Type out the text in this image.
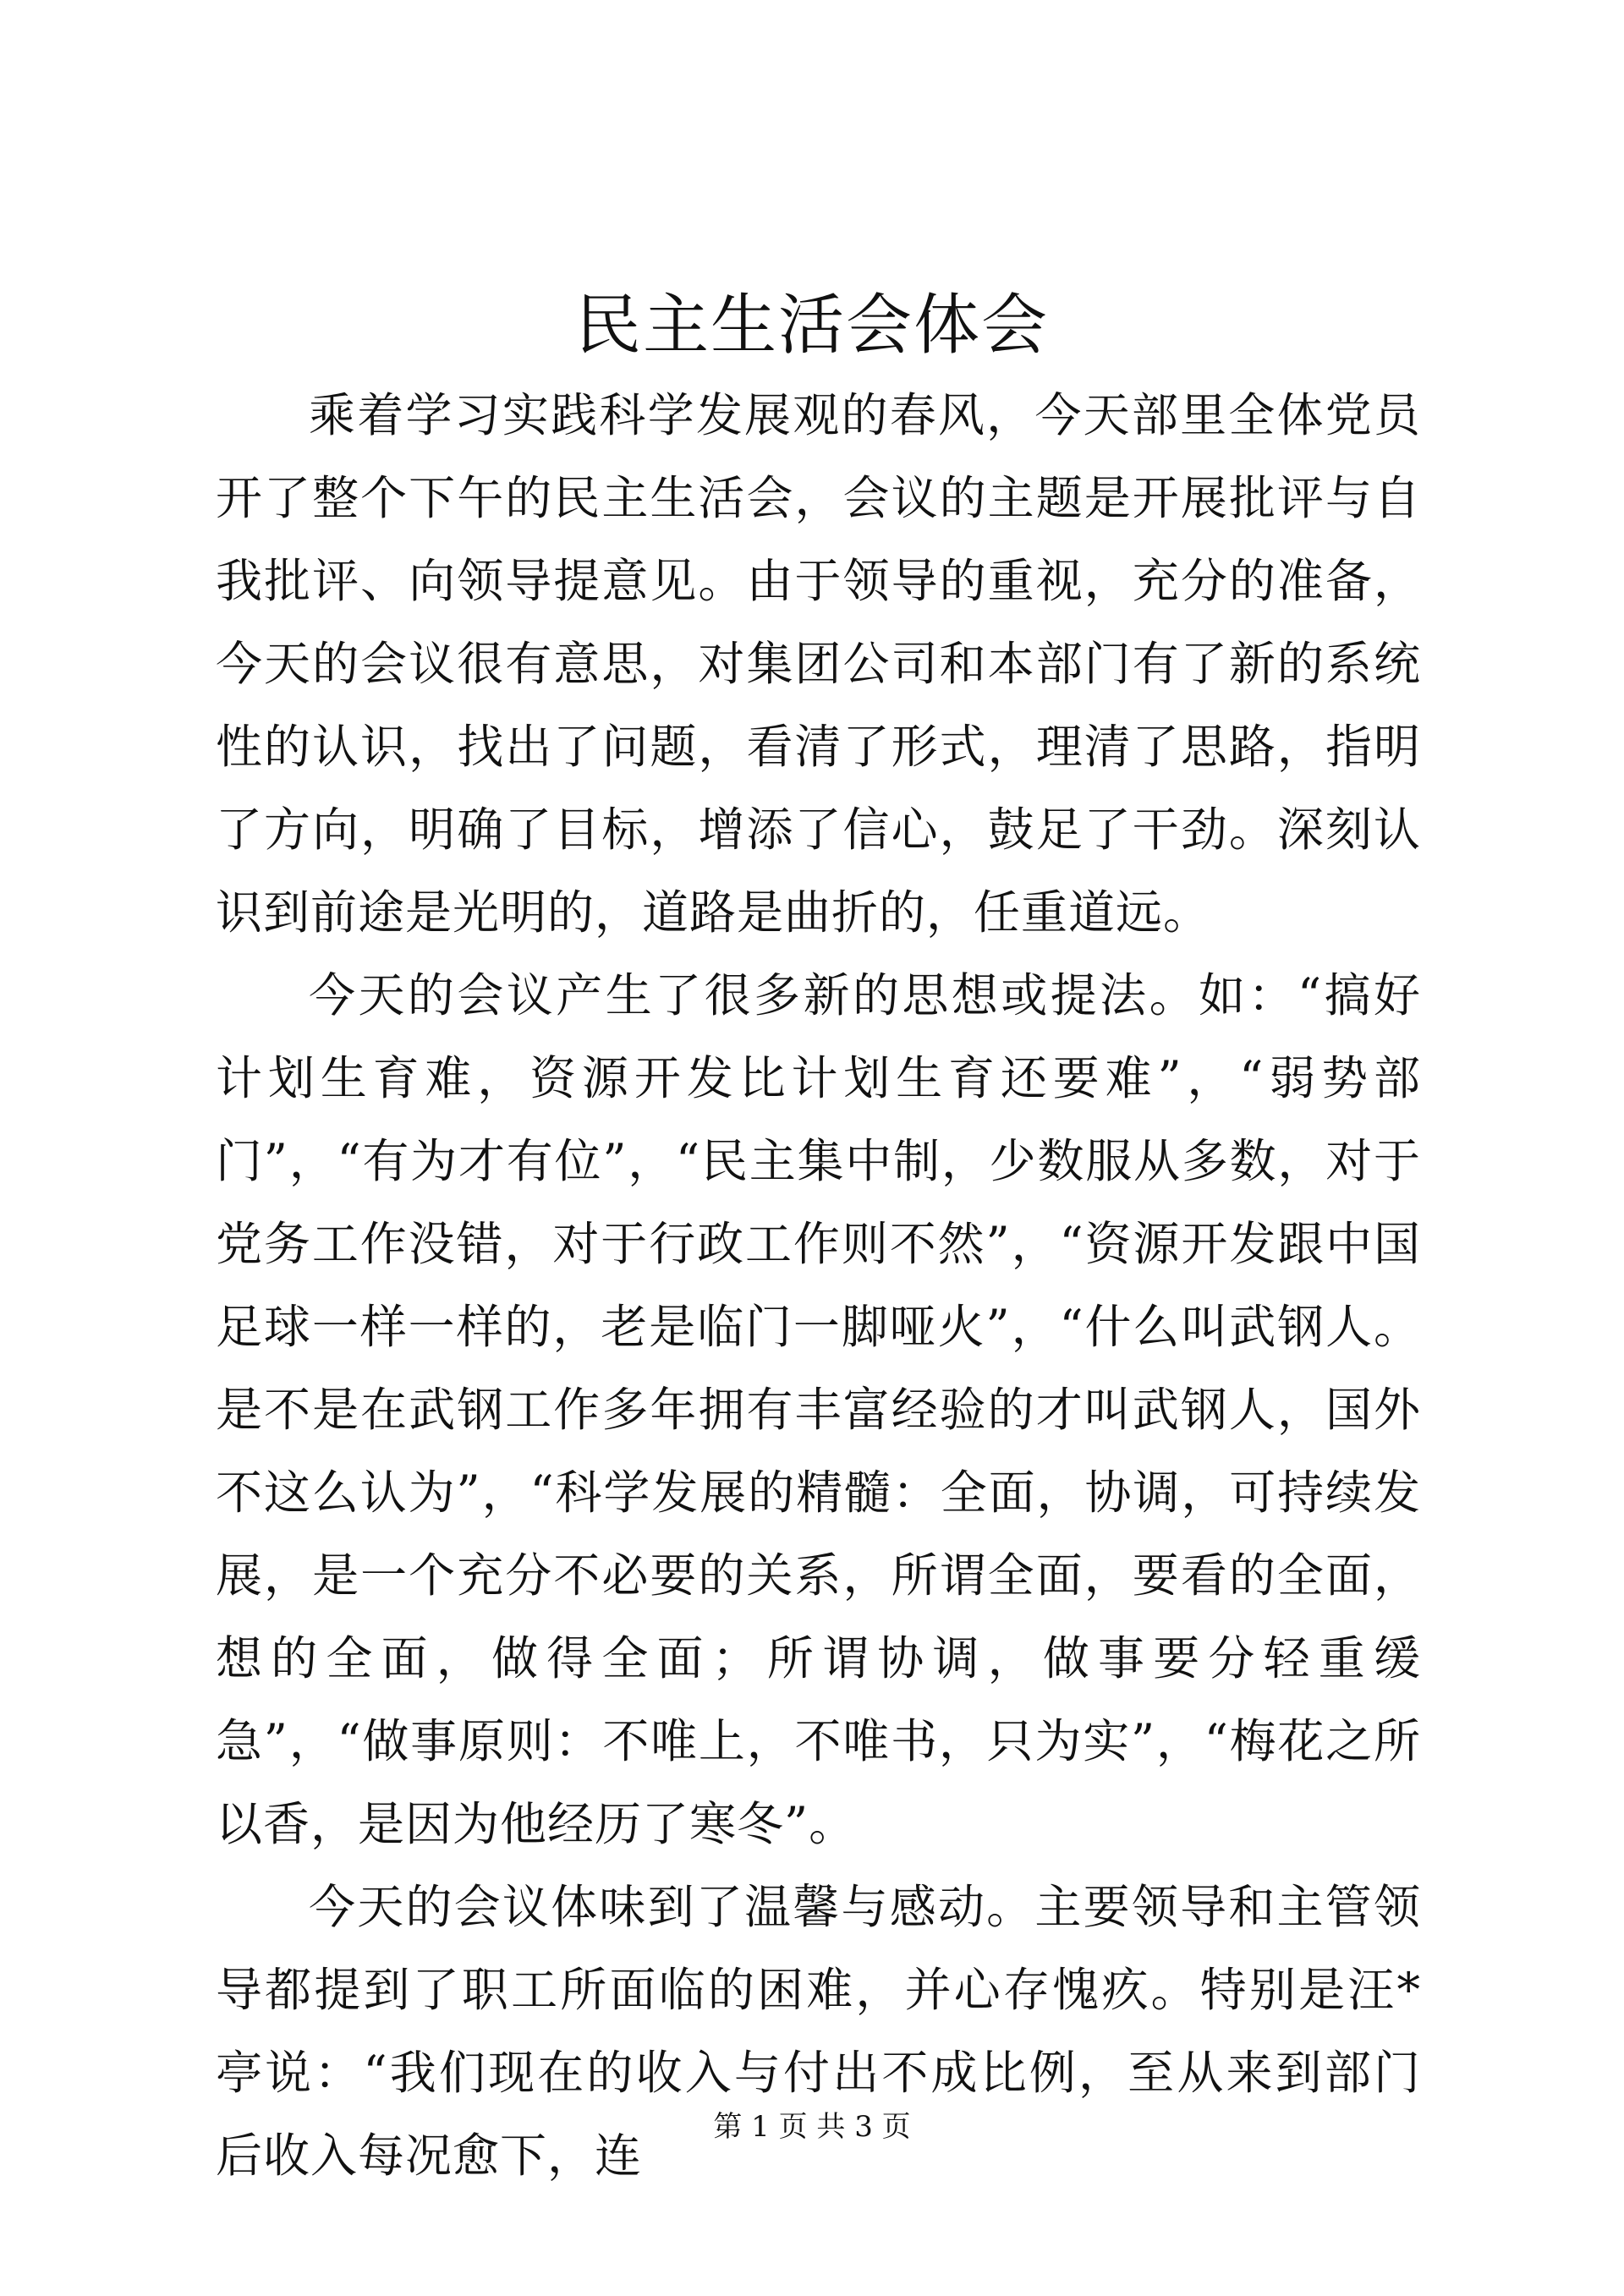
民主生活会体会

乘着学习实践科学发展观的春风，今天部里全体党员开了整个下午的民主生活会，会议的主题是开展批评与自我批评、向领导提意见。由于领导的重视，充分的准备，今天的会议很有意思，对集团公司和本部门有了新的系统性的认识，找出了问题，看清了形式，理清了思路，指明了方向，明确了目标，增添了信心，鼓足了干劲。深刻认识到前途是光明的，道路是曲折的，任重道远。

今天的会议产生了很多新的思想或提法。如：“搞好计划生育难，资源开发比计划生育还要难”，“弱势部门”，“有为才有位”，“民主集中制，少数服从多数，对于党务工作没错，对于行政工作则不然”，“资源开发跟中国足球一样一样的，老是临门一脚哑火”，“什么叫武钢人。是不是在武钢工作多年拥有丰富经验的才叫武钢人，国外不这么认为”，“科学发展的精髓：全面，协调，可持续发展，是一个充分不必要的关系，所谓全面，要看的全面，想的全面，做得全面；所谓协调，做事要分轻重缓急”，“做事原则：不唯上，不唯书，只为实”，“梅花之所以香，是因为他经历了寒冬”。

今天的会议体味到了温馨与感动。主要领导和主管领导都提到了职工所面临的困难，并心存愧疚。特别是汪*亭说：“我们现在的收入与付出不成比例，至从来到部门后收入每况愈下，连

第 1 页 共 3 页
